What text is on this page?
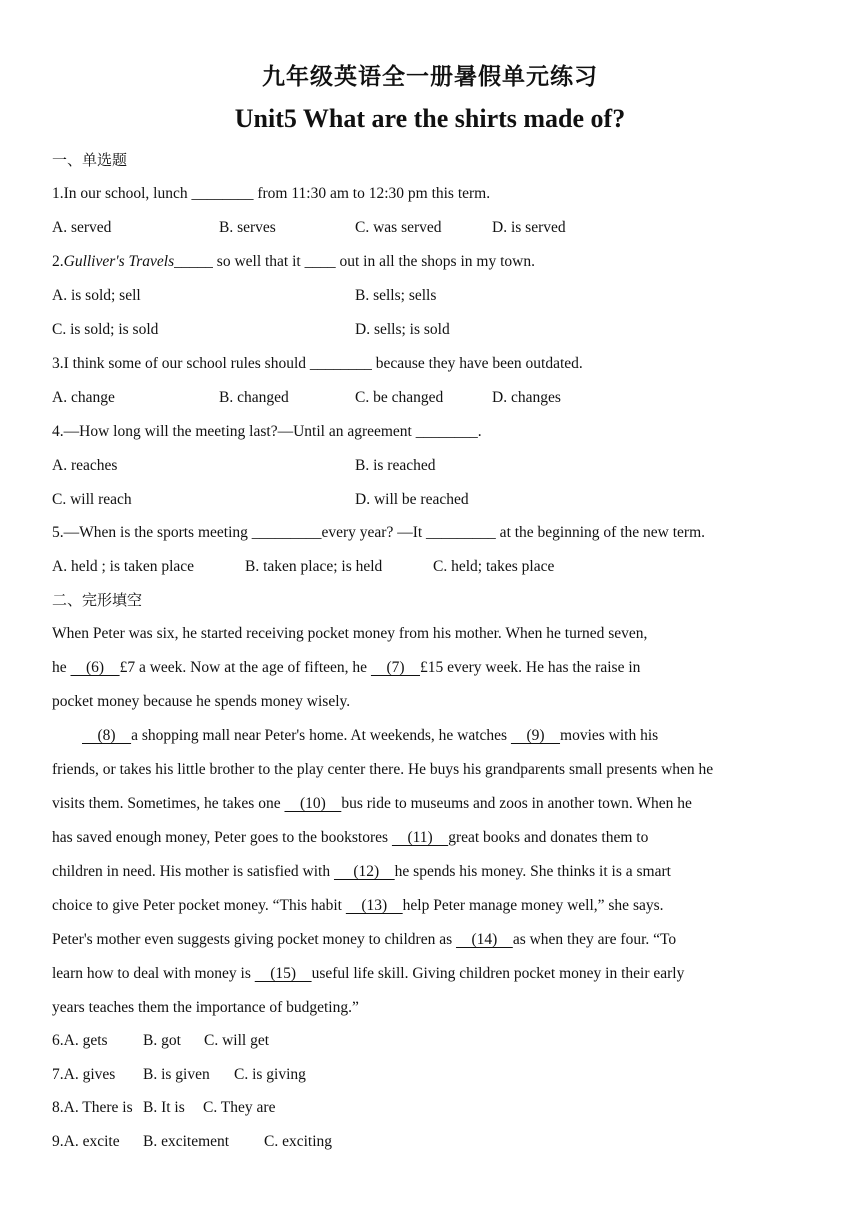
九年级英语全一册暑假单元练习
Unit5 What are the shirts made of?
一、单选题
1.In our school, lunch ________ from 11:30 am to 12:30 pm this term.
A. served	B. serves	C. was served	D. is served
2.Gulliver's Travels_____ so well that it ____ out in all the shops in my town.
A. is sold; sell	B. sells; sells
C. is sold; is sold	D. sells; is sold
3.I think some of our school rules should ________ because they have been outdated.
A. change	B. changed	C. be changed	D. changes
4.—How long will the meeting last?—Until an agreement ________.
A. reaches	B. is reached
C. will reach	D. will be reached
5.—When is the sports meeting _________every year? —It _________ at the beginning of the new term.
A. held ; is taken place	B. taken place; is held	C. held; takes place
二、完形填空
When Peter was six, he started receiving pocket money from his mother. When he turned seven,
he     (6)    £7 a week. Now at the age of fifteen, he     (7)    £15 every week. He has the raise in
pocket money because he spends money wisely.
(8)    a shopping mall near Peter's home. At weekends, he watches     (9)    movies with his
friends, or takes his little brother to the play center there. He buys his grandparents small presents when he
visits them. Sometimes, he takes one     (10)    bus ride to museums and zoos in another town. When he
has saved enough money, Peter goes to the bookstores     (11)    great books and donates them to
children in need. His mother is satisfied with      (12)    he spends his money. She thinks it is a smart
choice to give Peter pocket money. “This habit     (13)    help Peter manage money well,” she says.
Peter's mother even suggests giving pocket money to children as     (14)    as when they are four. “To
learn how to deal with money is     (15)    useful life skill. Giving children pocket money in their early
years teaches them the importance of budgeting.”
6.A. gets B. got C. will get
7.A. gives B. is given C. is giving
8.A. There is B. It is C. They are
9.A. excite B. excitement C. exciting
